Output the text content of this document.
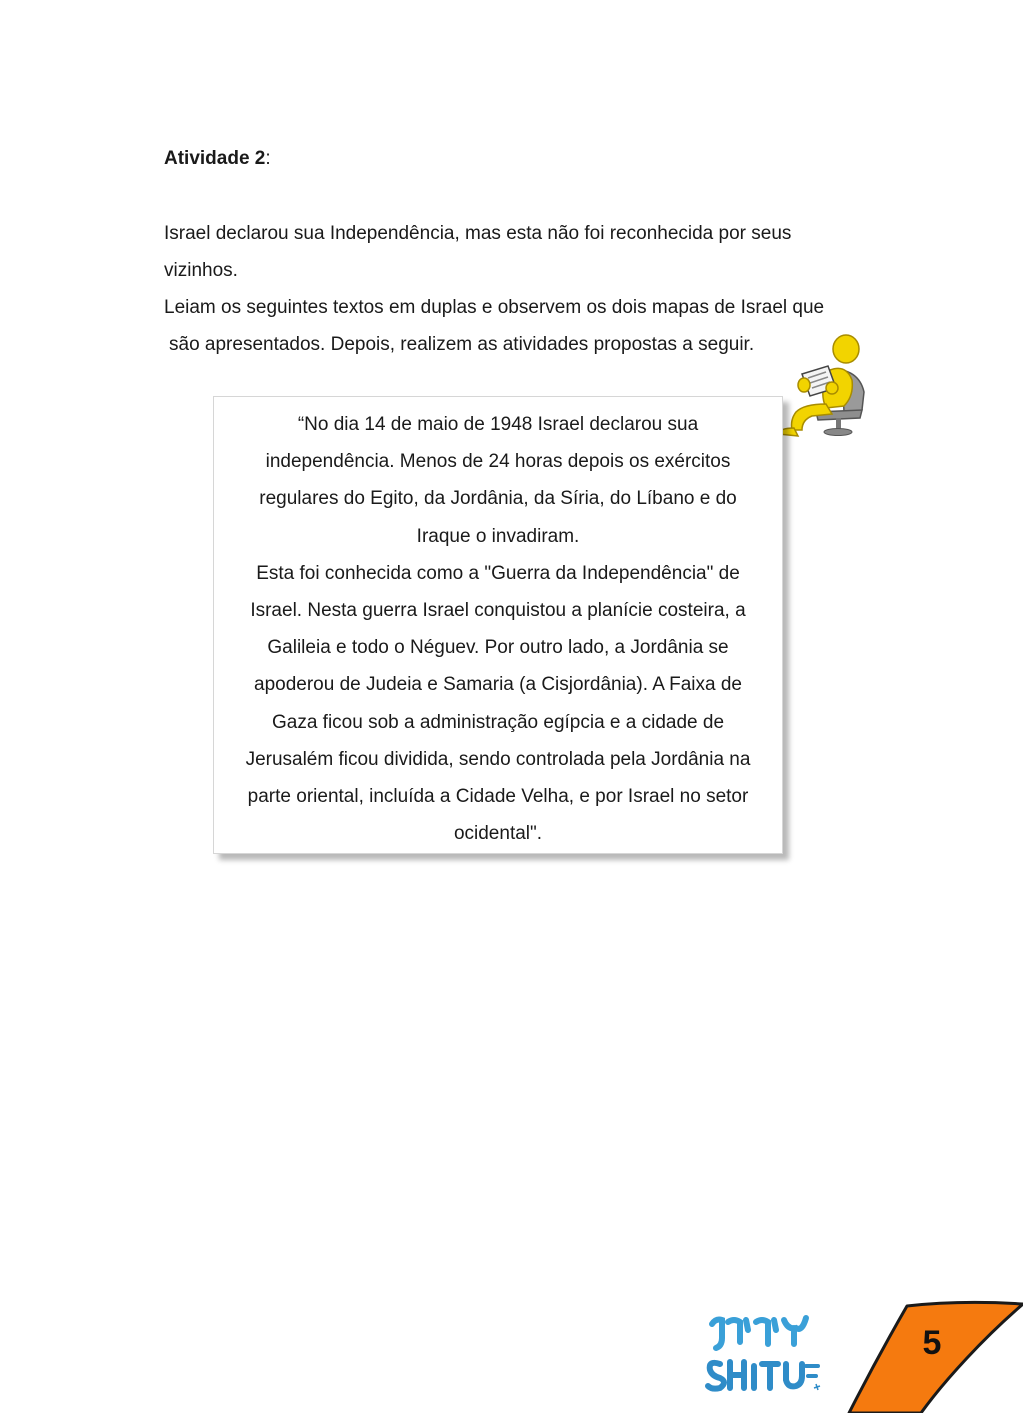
Atividade 2:

Israel declarou sua Independência, mas esta não foi reconhecida por seus

vizinhos.

Leiam os seguintes textos em duplas e observem os dois mapas de Israel que

são apresentados. Depois, realizem as atividades propostas a seguir.

“No dia 14 de maio de 1948 Israel declarou sua

independência. Menos de 24 horas depois os exércitos

regulares do Egito, da Jordânia, da Síria, do Líbano e do

Iraque o invadiram.

Esta foi conhecida como a "Guerra da Independência" de

Israel. Nesta guerra Israel conquistou a planície costeira, a

Galileia e todo o Néguev. Por outro lado, a Jordânia se

apoderou de Judeia e Samaria (a Cisjordânia). A Faixa de

Gaza ficou sob a administração egípcia e a cidade de

Jerusalém ficou dividida, sendo controlada pela Jordânia na

parte oriental, incluída a Cidade Velha, e por Israel no setor

ocidental".

5
